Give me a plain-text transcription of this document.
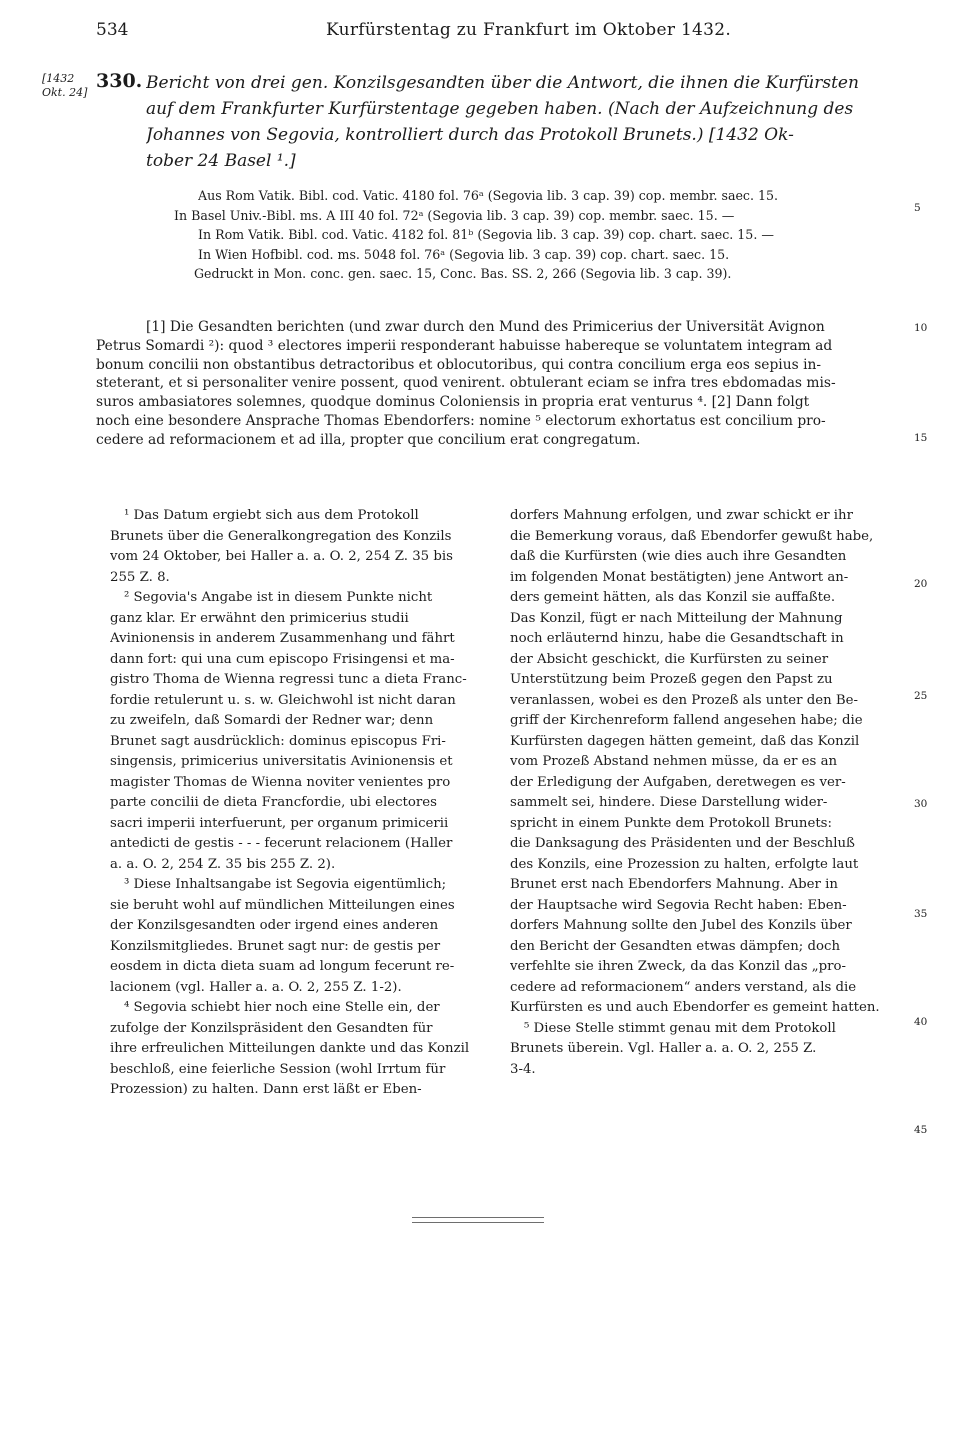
534	Kurfürstentag zu Frankfurt im Oktober 1432.
[1432
Okt. 24]
330. Bericht von drei gen. Konzilsgesandten über die Antwort, die ihnen die Kurfürsten
auf dem Frankfurter Kurfürstentage gegeben haben. (Nach der Aufzeichnung des
Johannes von Segovia, kontrolliert durch das Protokoll Brunets.) [1432 Ok-
tober 24 Basel ¹.]
Aus Rom Vatik. Bibl. cod. Vatic. 4180 fol. 76ᵃ (Segovia lib. 3 cap. 39) cop. membr. saec. 15.
In Basel Univ.-Bibl. ms. A III 40 fol. 72ᵃ (Segovia lib. 3 cap. 39) cop. membr. saec. 15. —
In Rom Vatik. Bibl. cod. Vatic. 4182 fol. 81ᵇ (Segovia lib. 3 cap. 39) cop. chart. saec. 15. —
In Wien Hofbibl. cod. ms. 5048 fol. 76ᵃ (Segovia lib. 3 cap. 39) cop. chart. saec. 15.
Gedruckt in Mon. conc. gen. saec. 15, Conc. Bas. SS. 2, 266 (Segovia lib. 3 cap. 39).
[1] Die Gesandten berichten (und zwar durch den Mund des Primicerius der Universität Avignon
Petrus Somardi ²): quod ³ electores imperii responderant habuisse habereque se voluntatem integram ad
bonum concilii non obstantibus detractoribus et oblocutoribus, qui contra concilium erga eos sepius in-
steterant, et si personaliter venire possent, quod venirent. obtulerant eciam se infra tres ebdomadas mis-
suros ambasiatores solemnes, quodque dominus Coloniensis in propria erat venturus ⁴. [2] Dann folgt
noch eine besondere Ansprache Thomas Ebendorfers: nomine ⁵ electorum exhortatus est concilium pro-
cedere ad reformacionem et ad illa, propter que concilium erat congregatum.
¹ Das Datum ergiebt sich aus dem Protokoll
Brunets über die Generalkongregation des Konzils
vom 24 Oktober, bei Haller a. a. O. 2, 254 Z. 35 bis
255 Z. 8.
² Segovia's Angabe ist in diesem Punkte nicht
ganz klar. Er erwähnt den primicerius studii
Avinionensis in anderem Zusammenhang und fährt
dann fort: qui una cum episcopo Frisingensi et ma-
gistro Thoma de Wienna regressi tunc a dieta Franc-
fordie retulerunt u. s. w. Gleichwohl ist nicht daran
zu zweifeln, daß Somardi der Redner war; denn
Brunet sagt ausdrücklich: dominus episcopus Fri-
singensis, primicerius universitatis Avinionensis et
magister Thomas de Wienna noviter venientes pro
parte concilii de dieta Francfordie, ubi electores
sacri imperii interfuerunt, per organum primicerii
antedicti de gestis - - - fecerunt relacionem (Haller
a. a. O. 2, 254 Z. 35 bis 255 Z. 2).
³ Diese Inhaltsangabe ist Segovia eigentümlich;
sie beruht wohl auf mündlichen Mitteilungen eines
der Konzilsgesandten oder irgend eines anderen
Konzilsmitgliedes. Brunet sagt nur: de gestis per
eosdem in dicta dieta suam ad longum fecerunt re-
lacionem (vgl. Haller a. a. O. 2, 255 Z. 1-2).
⁴ Segovia schiebt hier noch eine Stelle ein, der
zufolge der Konzilspräsident den Gesandten für
ihre erfreulichen Mitteilungen dankte und das Konzil
beschloß, eine feierliche Session (wohl Irrtum für
Prozession) zu halten. Dann erst läßt er Eben-
dorfers Mahnung erfolgen, und zwar schickt er ihr
die Bemerkung voraus, daß Ebendorfer gewußt habe,
daß die Kurfürsten (wie dies auch ihre Gesandten
im folgenden Monat bestätigten) jene Antwort an-
ders gemeint hätten, als das Konzil sie auffaßte.
Das Konzil, fügt er nach Mitteilung der Mahnung
noch erläuternd hinzu, habe die Gesandtschaft in
der Absicht geschickt, die Kurfürsten zu seiner
Unterstützung beim Prozeß gegen den Papst zu
veranlassen, wobei es den Prozeß als unter den Be-
griff der Kirchenreform fallend angesehen habe; die
Kurfürsten dagegen hätten gemeint, daß das Konzil
vom Prozeß Abstand nehmen müsse, da er es an
der Erledigung der Aufgaben, deretwegen es ver-
sammelt sei, hindere. Diese Darstellung wider-
spricht in einem Punkte dem Protokoll Brunets:
die Danksagung des Präsidenten und der Beschluß
des Konzils, eine Prozession zu halten, erfolgte laut
Brunet erst nach Ebendorfers Mahnung. Aber in
der Hauptsache wird Segovia Recht haben: Eben-
dorfers Mahnung sollte den Jubel des Konzils über
den Bericht der Gesandten etwas dämpfen; doch
verfehlte sie ihren Zweck, da das Konzil das „pro-
cedere ad reformacionem“ anders verstand, als die
Kurfürsten es und auch Ebendorfer es gemeint hatten.
⁵ Diese Stelle stimmt genau mit dem Protokoll
Brunets überein. Vgl. Haller a. a. O. 2, 255 Z.
3-4.
5
10
15
20
25
30
35
40
45
